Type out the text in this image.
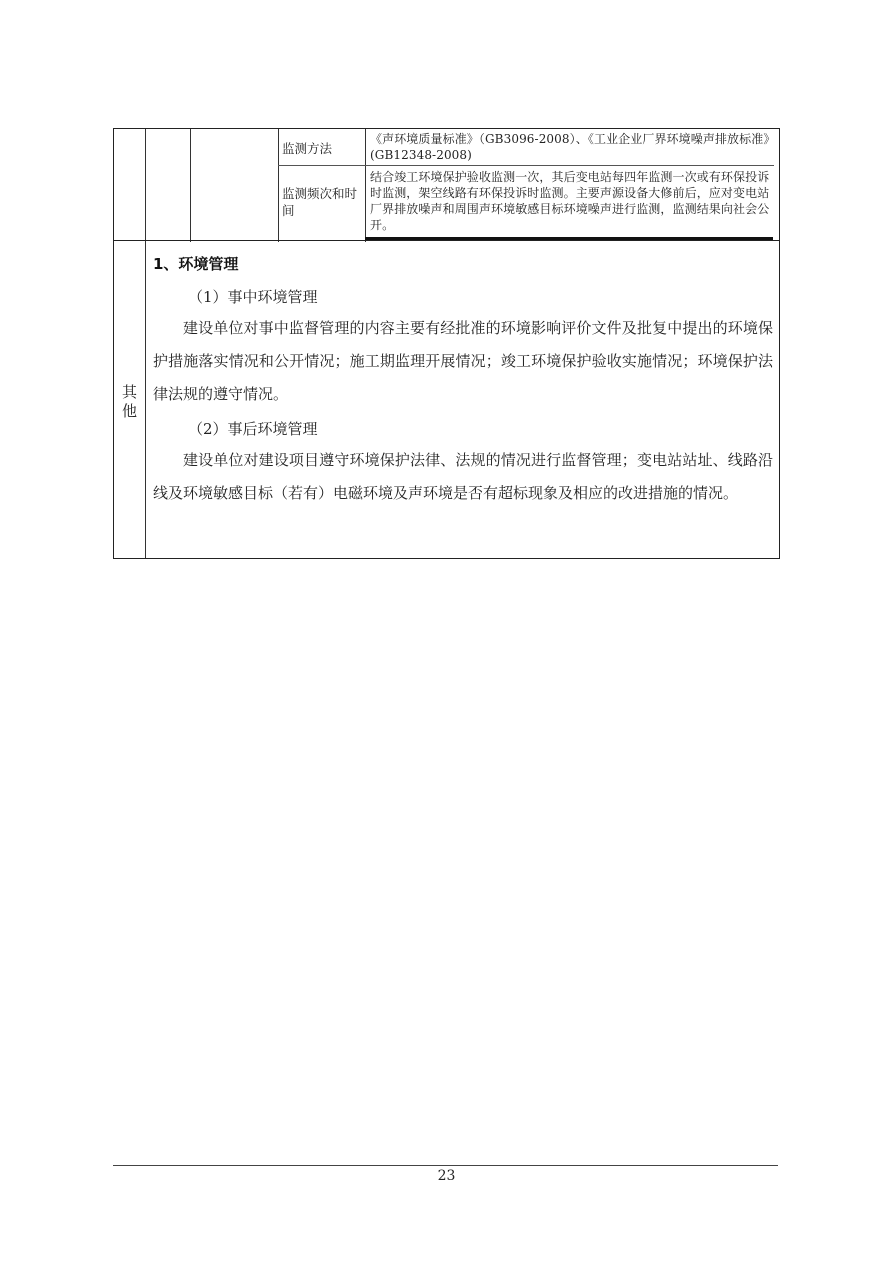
监测方法
《声环境质量标准》（GB3096-2008）、《工业企业厂界环境噪声排放标准》(GB12348-2008)
监测频次和时间
结合竣工环境保护验收监测一次，其后变电站每四年监测一次或有环保投诉时监测，架空线路有环保投诉时监测。主要声源设备大修前后，应对变电站厂界排放噪声和周围声环境敏感目标环境噪声进行监测，监测结果向社会公开。
其
他
1、环境管理
（1）事中环境管理
建设单位对事中监督管理的内容主要有经批准的环境影响评价文件及批复中提出的环境保护措施落实情况和公开情况；施工期监理开展情况；竣工环境保护验收实施情况；环境保护法律法规的遵守情况。
（2）事后环境管理
建设单位对建设项目遵守环境保护法律、法规的情况进行监督管理；变电站站址、线路沿线及环境敏感目标（若有）电磁环境及声环境是否有超标现象及相应的改进措施的情况。
23
